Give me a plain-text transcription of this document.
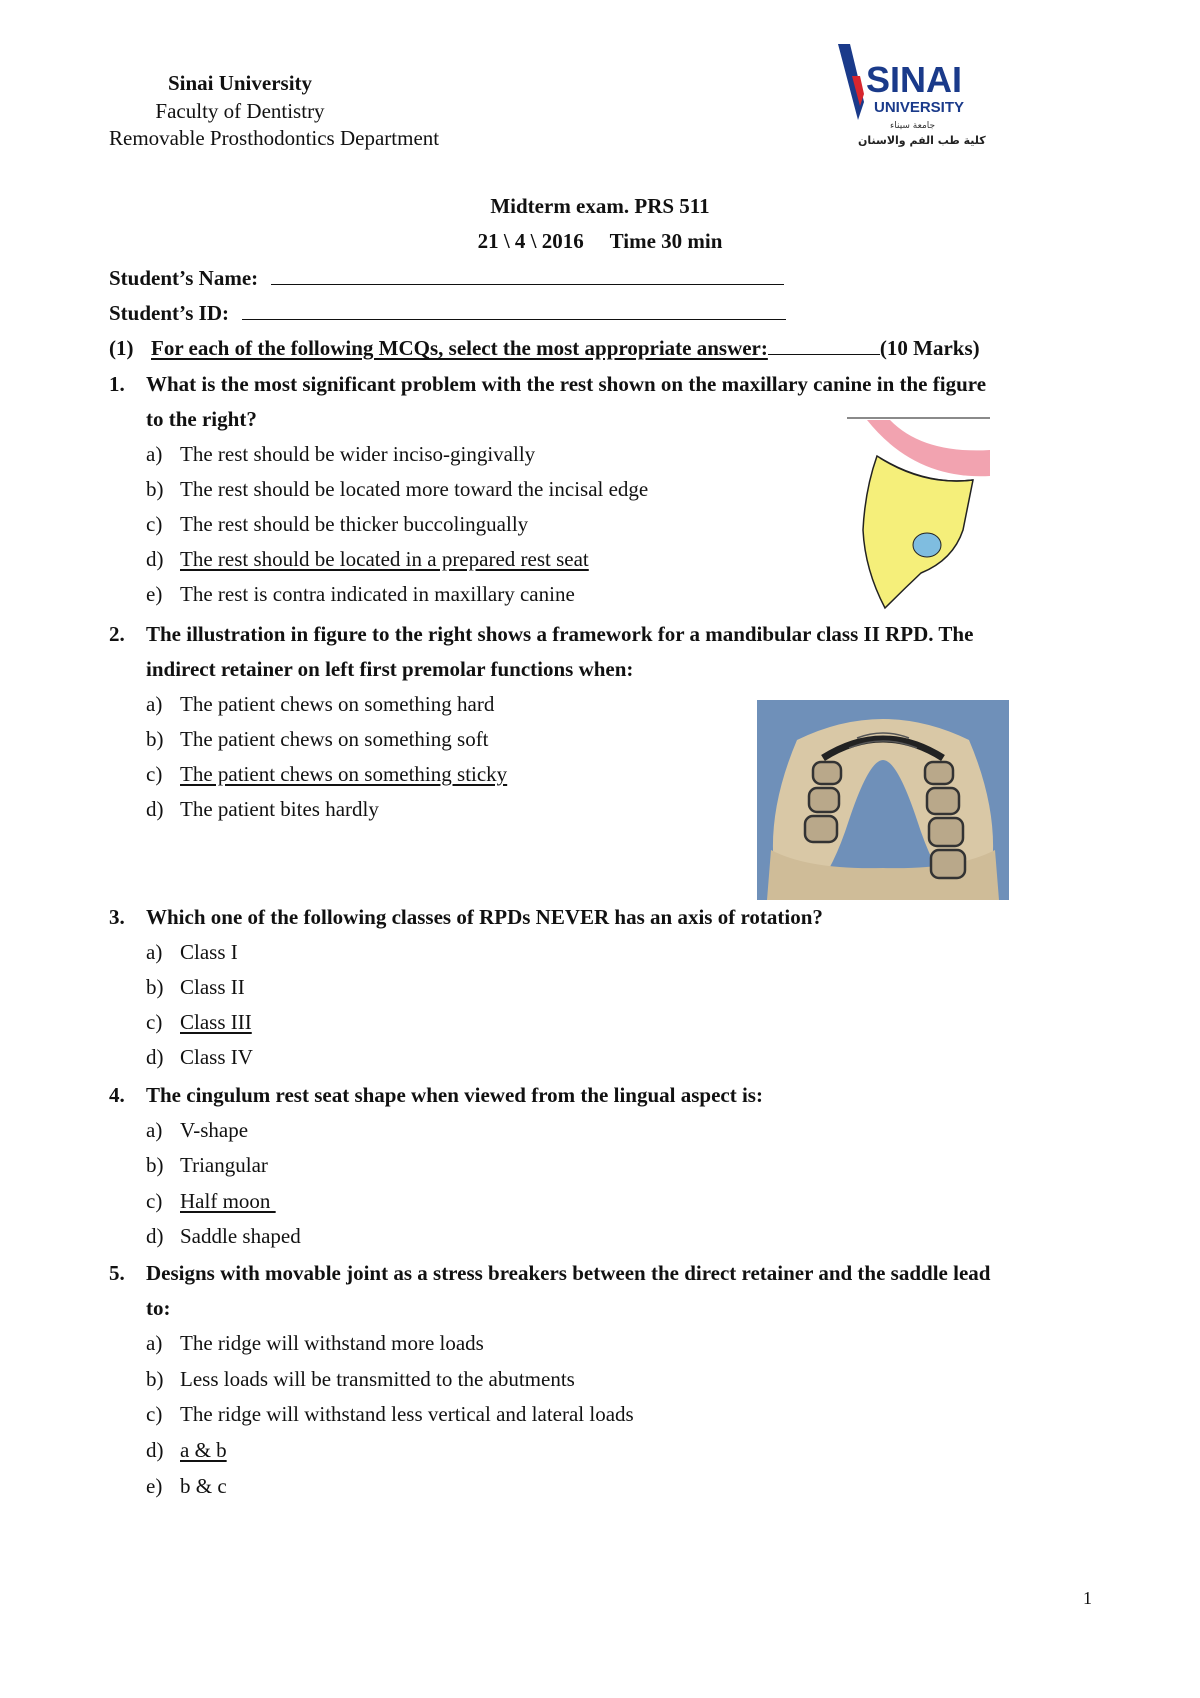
Sinai University
Faculty of Dentistry
Removable Prosthodontics Department
SINAI
UNIVERSITY
جامعة سيناء
كلية طب الفم والاسنان
Midterm exam. PRS 511
21 \ 4 \ 2016     Time 30 min
Student’s Name:
Student’s ID:
(1) For each of the following MCQs, select the most appropriate answer:	(10 Marks)
1. What is the most significant problem with the rest shown on the maxillary canine in the figure
to the right?
a) The rest should be wider inciso-gingivally
b) The rest should be located more toward the incisal edge
c) The rest should be thicker buccolingually
d) The rest should be located in a prepared rest seat
e) The rest is contra indicated in maxillary canine
2. The illustration in figure to the right shows a framework for a mandibular class II RPD. The
indirect retainer on left first premolar functions when:
a) The patient chews on something hard
b) The patient chews on something soft
c) The patient chews on something sticky
d) The patient bites hardly
3. Which one of the following classes of RPDs NEVER has an axis of rotation?
a) Class I
b) Class II
c) Class III
d) Class IV
4. The cingulum rest seat shape when viewed from the lingual aspect is:
a) V-shape
b) Triangular
c) Half moon
d) Saddle shaped
5. Designs with movable joint as a stress breakers between the direct retainer and the saddle lead
to:
a) The ridge will withstand more loads
b) Less loads will be transmitted to the abutments
c) The ridge will withstand less vertical and lateral loads
d) a & b
e) b & c
1
